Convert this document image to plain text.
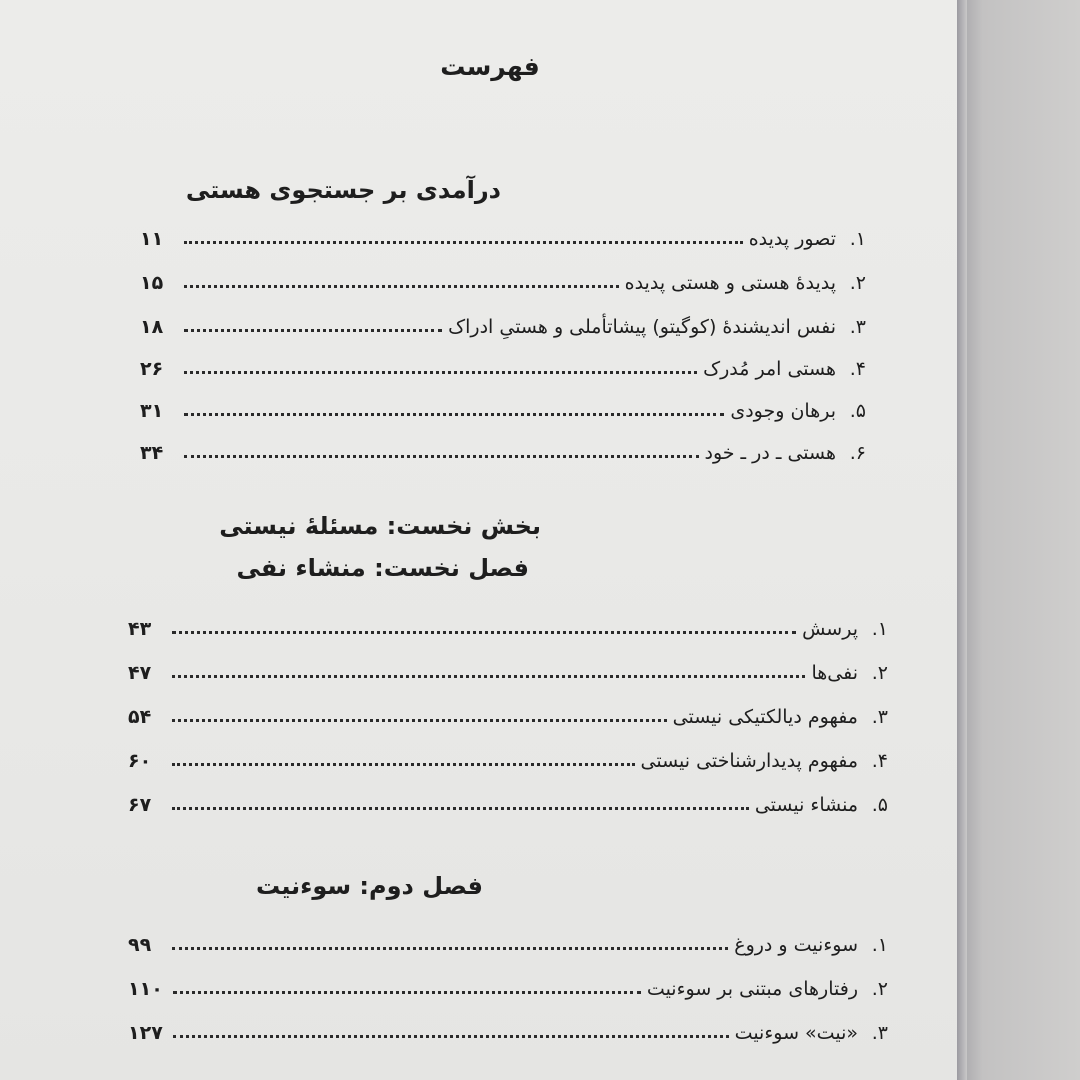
فهرست
درآمدی بر جستجوی هستی
۱.
تصور پدیده
۱۱
۲.
پدیدهٔ هستی و هستی پدیده
۱۵
۳.
نفس اندیشندهٔ (کوگیتو) پیشاتأملی و هستیِ ادراک
۱۸
۴.
هستی امر مُدرک
۲۶
۵.
برهان وجودی
۳۱
۶.
هستی ـ در ـ خود
۳۴
بخش نخست: مسئلهٔ نیستی
فصل نخست: منشاء نفی
۱.
پرسش
۴۳
۲.
نفی‌ها
۴۷
۳.
مفهوم دیالکتیکی نیستی
۵۴
۴.
مفهوم پدیدارشناختی نیستی
۶۰
۵.
منشاء نیستی
۶۷
فصل دوم: سوءنیت
۱.
سوءنیت و دروغ
۹۹
۲.
رفتارهای مبتنی بر سوءنیت
۱۱۰
۳.
«نیت» سوءنیت
۱۲۷
